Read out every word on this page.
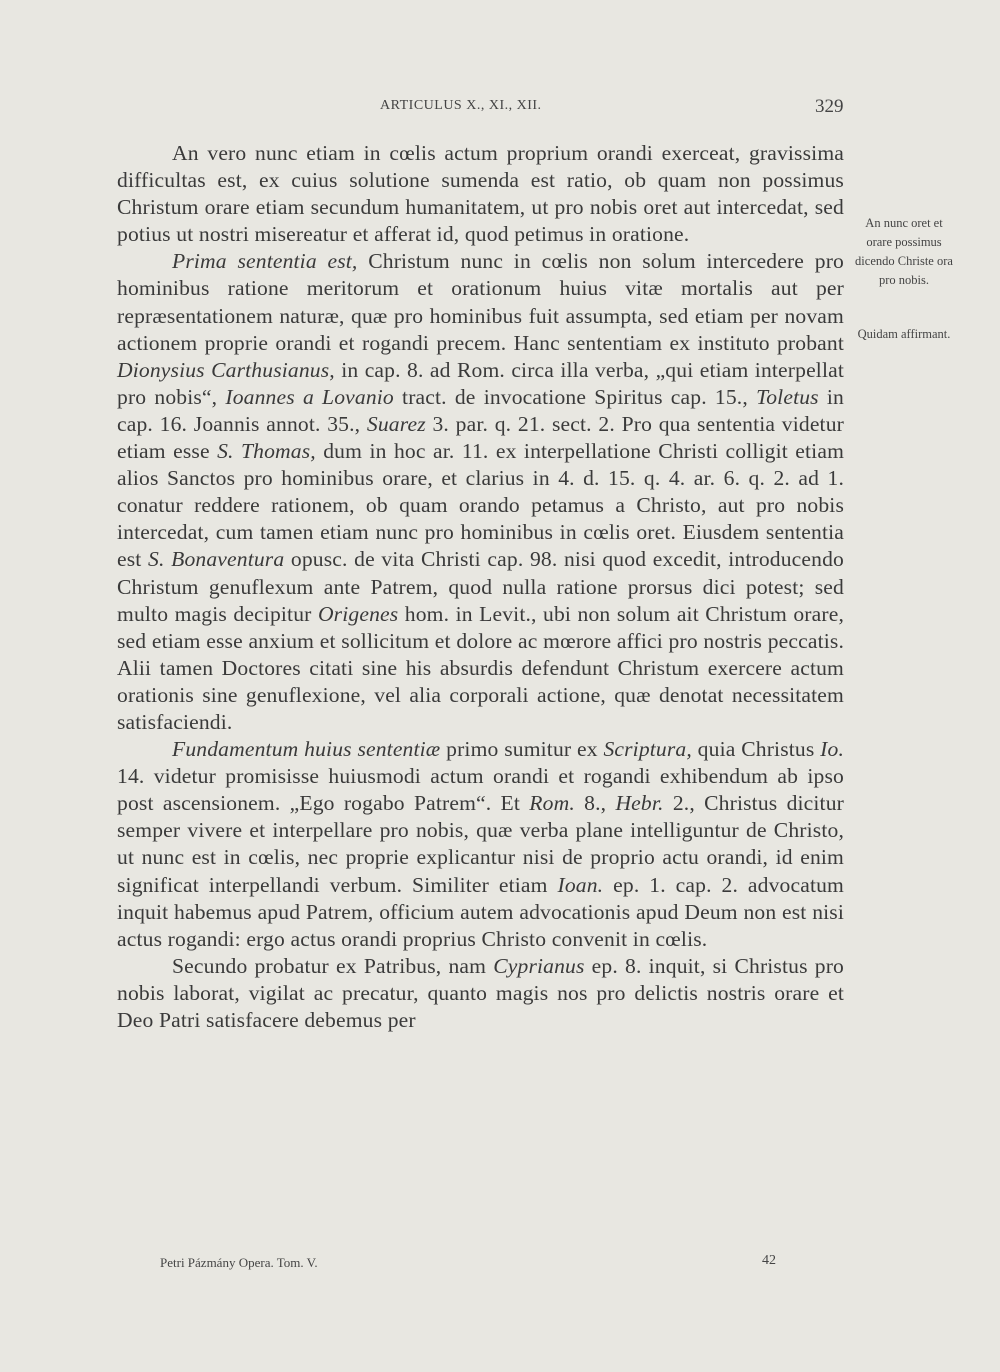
ARTICULUS X., XI., XII.	329
An nunc oret et orare possimus dicendo Christe ora pro nobis.
Quidam affirmant.

An vero nunc etiam in cœlis actum proprium orandi exerceat, gravissima difficultas est, ex cuius solutione sumenda est ratio, ob quam non possimus Christum orare etiam secundum humanitatem, ut pro nobis oret aut intercedat, sed potius ut nostri misereatur et afferat id, quod petimus in oratione.

Prima sententia est, Christum nunc in cœlis non solum intercedere pro hominibus ratione meritorum et orationum huius vitæ mortalis aut per repræsentationem naturæ, quæ pro hominibus fuit assumpta, sed etiam per novam actionem proprie orandi et rogandi precem. Hanc sententiam ex instituto probant Dionysius Carthusianus, in cap. 8. ad Rom. circa illa verba, „qui etiam interpellat pro nobis“, Ioannes a Lovanio tract. de invocatione Spiritus cap. 15., Toletus in cap. 16. Joannis annot. 35., Suarez 3. par. q. 21. sect. 2. Pro qua sententia videtur etiam esse S. Thomas, dum in hoc ar. 11. ex interpellatione Christi colligit etiam alios Sanctos pro hominibus orare, et clarius in 4. d. 15. q. 4. ar. 6. q. 2. ad 1. conatur reddere rationem, ob quam orando petamus a Christo, aut pro nobis intercedat, cum tamen etiam nunc pro hominibus in cœlis oret. Eiusdem sententia est S. Bonaventura opusc. de vita Christi cap. 98. nisi quod excedit, introducendo Christum genuflexum ante Patrem, quod nulla ratione prorsus dici potest; sed multo magis decipitur Origenes hom. in Levit., ubi non solum ait Christum orare, sed etiam esse anxium et sollicitum et dolore ac mœrore affici pro nostris peccatis. Alii tamen Doctores citati sine his absurdis defendunt Christum exercere actum orationis sine genuflexione, vel alia corporali actione, quæ denotat necessitatem satisfaciendi.

Fundamentum huius sententiæ primo sumitur ex Scriptura, quia Christus Io. 14. videtur promisisse huiusmodi actum orandi et rogandi exhibendum ab ipso post ascensionem. „Ego rogabo Patrem“. Et Rom. 8., Hebr. 2., Christus dicitur semper vivere et interpellare pro nobis, quæ verba plane intelliguntur de Christo, ut nunc est in cœlis, nec proprie explicantur nisi de proprio actu orandi, id enim significat interpellandi verbum. Similiter etiam Ioan. ep. 1. cap. 2. advocatum inquit habemus apud Patrem, officium autem advocationis apud Deum non est nisi actus rogandi: ergo actus orandi proprius Christo convenit in cœlis.

Secundo probatur ex Patribus, nam Cyprianus ep. 8. inquit, si Christus pro nobis laborat, vigilat ac precatur, quanto magis nos pro delictis nostris orare et Deo Patri satisfacere debemus per

Petri Pázmány Opera. Tom. V.	42
